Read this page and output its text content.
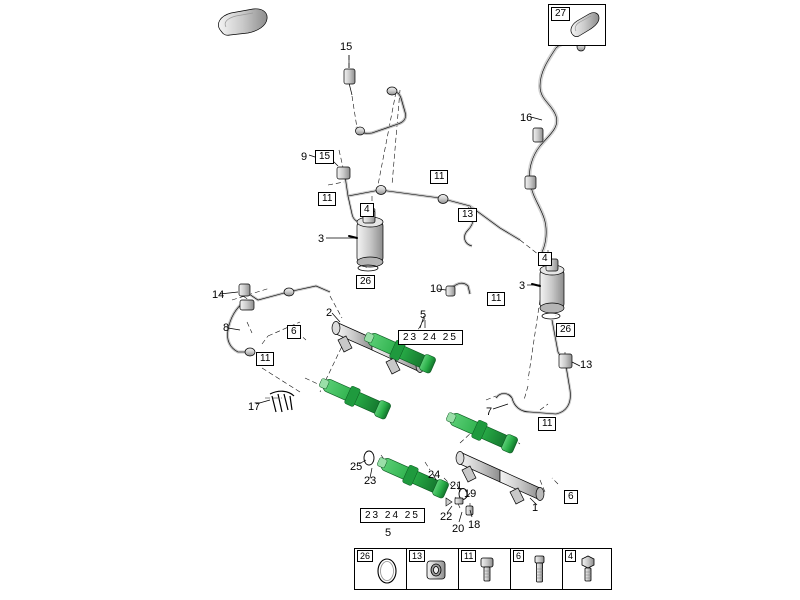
15
9	15
11
11
4	13
3
26
10
11
16
4
3
26
14
8	6
2	5
23 24 25
11
17
13
7
11
25
23	24
21
19
22
20 18
1
6
23 24 25
5
27
26	13	11	6	4
